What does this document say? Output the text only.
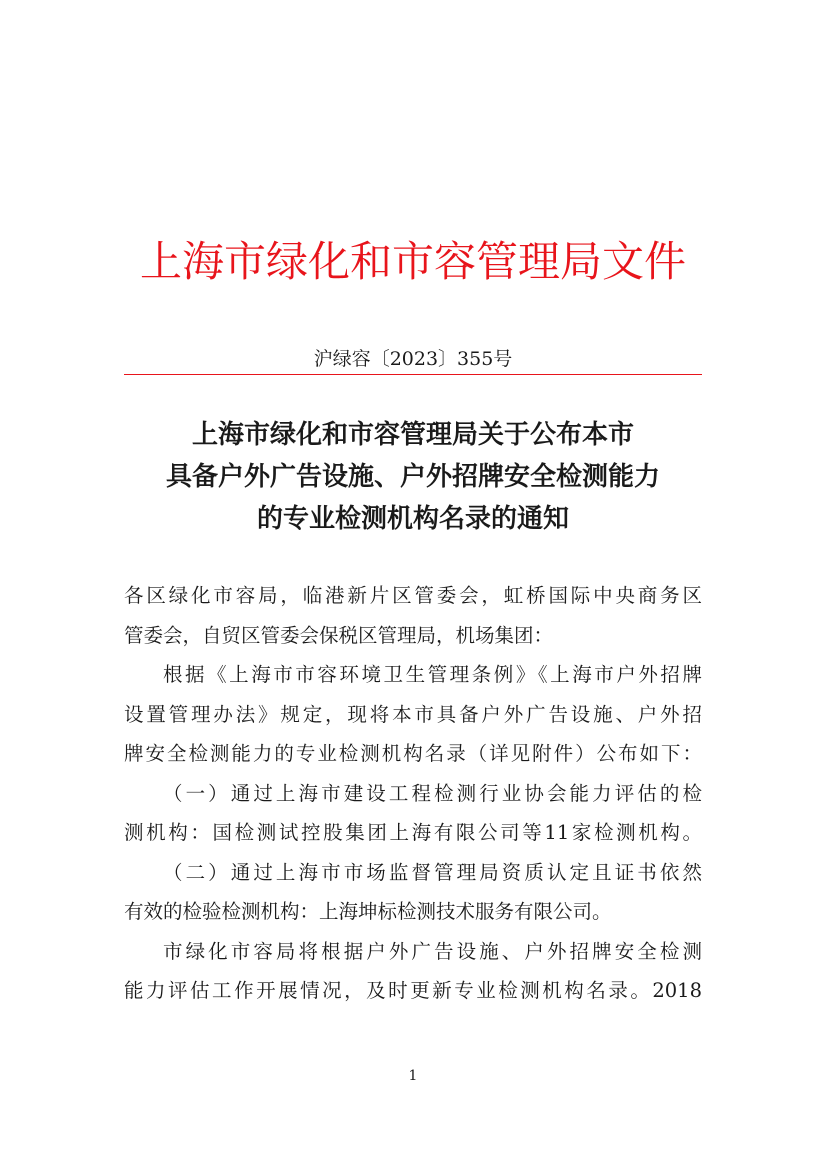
上海市绿化和市容管理局文件
沪绿容〔2023〕355号
上海市绿化和市容管理局关于公布本市
具备户外广告设施、户外招牌安全检测能力
的专业检测机构名录的通知
各区绿化市容局，临港新片区管委会，虹桥国际中央商务区
管委会，自贸区管委会保税区管理局，机场集团：
根据《上海市市容环境卫生管理条例》《上海市户外招牌
设置管理办法》规定，现将本市具备户外广告设施、户外招
牌安全检测能力的专业检测机构名录（详见附件）公布如下：
（一）通过上海市建设工程检测行业协会能力评估的检
测机构：国检测试控股集团上海有限公司等11家检测机构。
（二）通过上海市市场监督管理局资质认定且证书依然
有效的检验检测机构：上海坤标检测技术服务有限公司。
市绿化市容局将根据户外广告设施、户外招牌安全检测
能力评估工作开展情况，及时更新专业检测机构名录。2018
1
